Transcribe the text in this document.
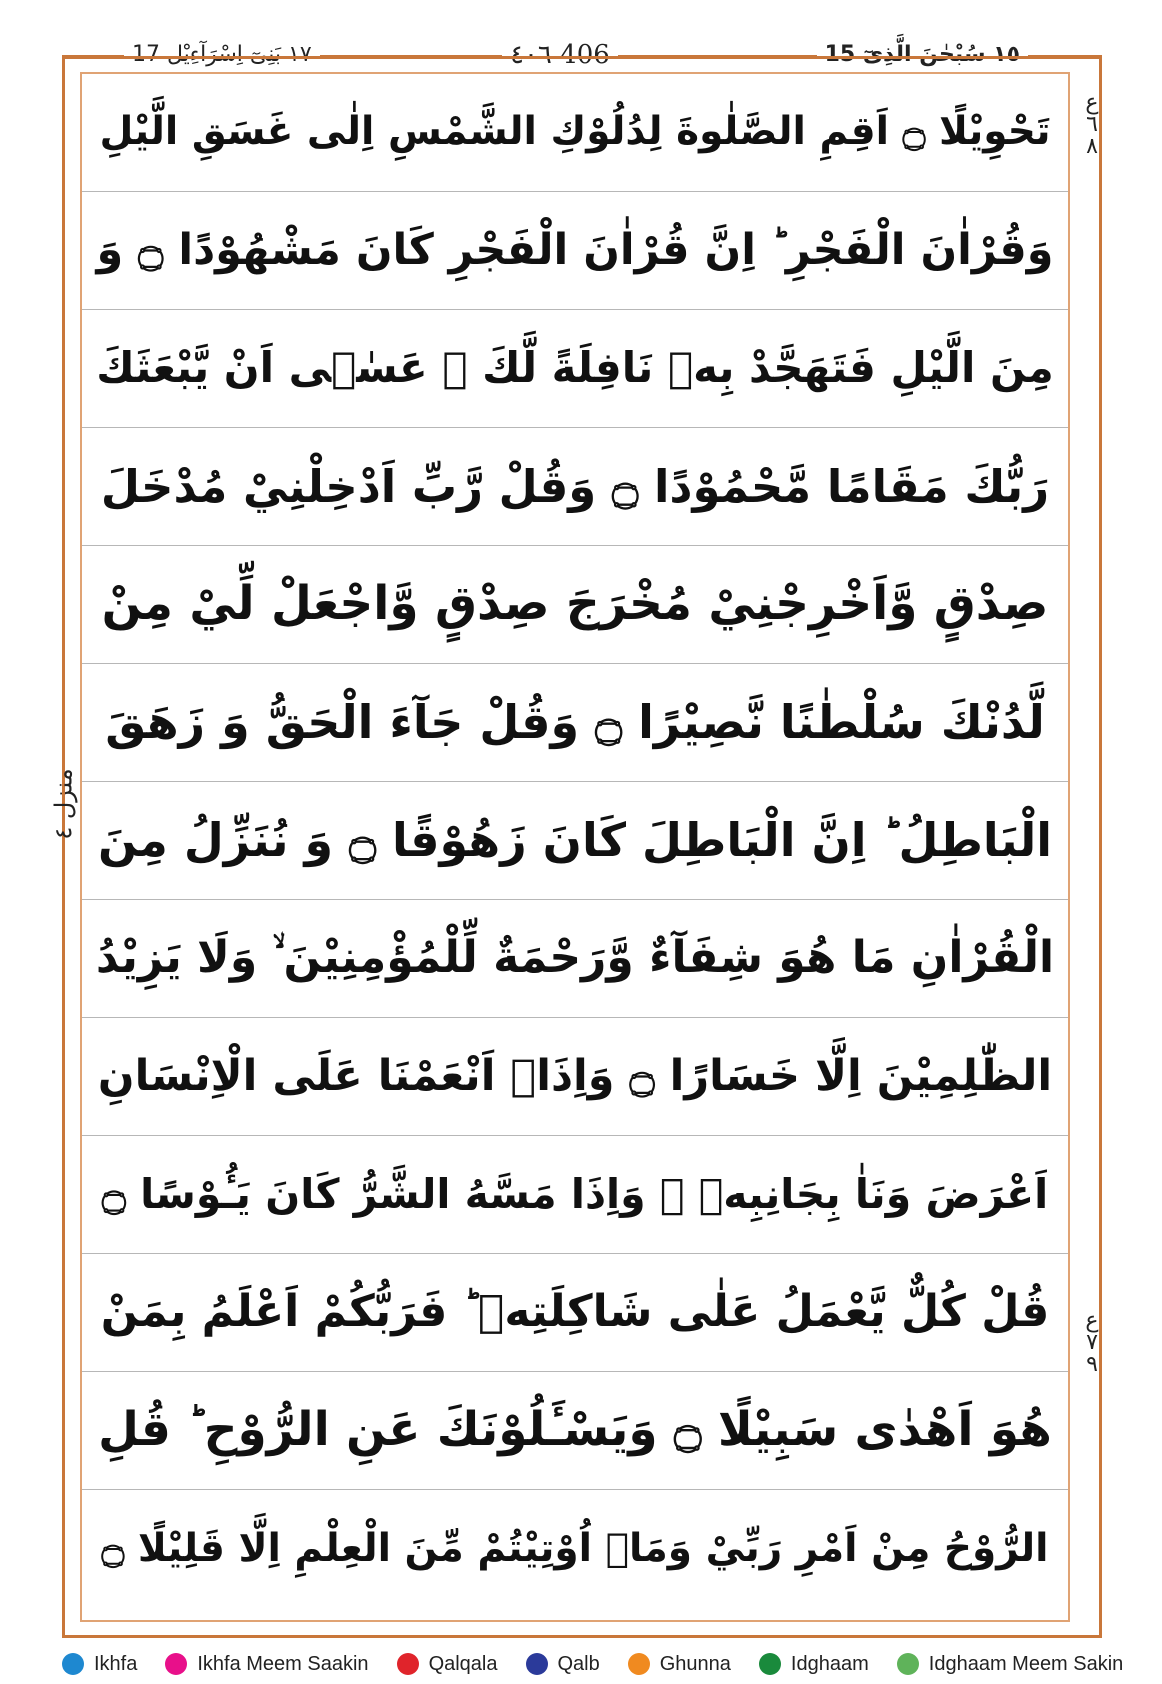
١٧ بَنِیٓ اِسْرَآءِیْل 17	٤٠٦ 406	١٥ سُبْحٰنَ الَّذِیٓ 15
تَحْوِيْلًا ۝ اَقِمِ الصَّلٰوةَ لِدُلُوْكِ الشَّمْسِ اِلٰى غَسَقِ الَّيْلِ
وَقُرْاٰنَ الْفَجْرِ ؕ اِنَّ قُرْاٰنَ الْفَجْرِ كَانَ مَشْهُوْدًا ۝ وَ
مِنَ الَّيْلِ فَتَهَجَّدْ بِهٖ نَافِلَةً لَّكَ ۖ عَسٰۤى اَنْ يَّبْعَثَكَ
رَبُّكَ مَقَامًا مَّحْمُوْدًا ۝ وَقُلْ رَّبِّ اَدْخِلْنِيْ مُدْخَلَ
صِدْقٍ وَّاَخْرِجْنِيْ مُخْرَجَ صِدْقٍ وَّاجْعَلْ لِّيْ مِنْ
لَّدُنْكَ سُلْطٰنًا نَّصِيْرًا ۝ وَقُلْ جَآءَ الْحَقُّ وَ زَهَقَ
الْبَاطِلُ ؕ اِنَّ الْبَاطِلَ كَانَ زَهُوْقًا ۝ وَ نُنَزِّلُ مِنَ
الْقُرْاٰنِ مَا هُوَ شِفَآءٌ وَّرَحْمَةٌ لِّلْمُؤْمِنِيْنَ ۙ وَلَا يَزِيْدُ
الظّٰلِمِيْنَ اِلَّا خَسَارًا ۝ وَاِذَاۤ اَنْعَمْنَا عَلَى الْاِنْسَانِ
اَعْرَضَ وَنَاٰ بِجَانِبِهٖ ۚ وَاِذَا مَسَّهُ الشَّرُّ كَانَ يَـُٔوْسًا ۝
قُلْ كُلٌّ يَّعْمَلُ عَلٰى شَاكِلَتِهٖ ؕ فَرَبُّكُمْ اَعْلَمُ بِمَنْ
هُوَ اَهْدٰى سَبِيْلًا ۝ وَيَسْـَٔلُوْنَكَ عَنِ الرُّوْحِ ؕ قُلِ
الرُّوْحُ مِنْ اَمْرِ رَبِّيْ وَمَاۤ اُوْتِيْتُمْ مِّنَ الْعِلْمِ اِلَّا قَلِيْلًا ۝
ع ٦ ٨
ع ٧ ٩
منزل ٤
Ikhfa	Ikhfa Meem Saakin	Qalqala	Qalb	Ghunna	Idghaam	Idghaam Meem Sakin
